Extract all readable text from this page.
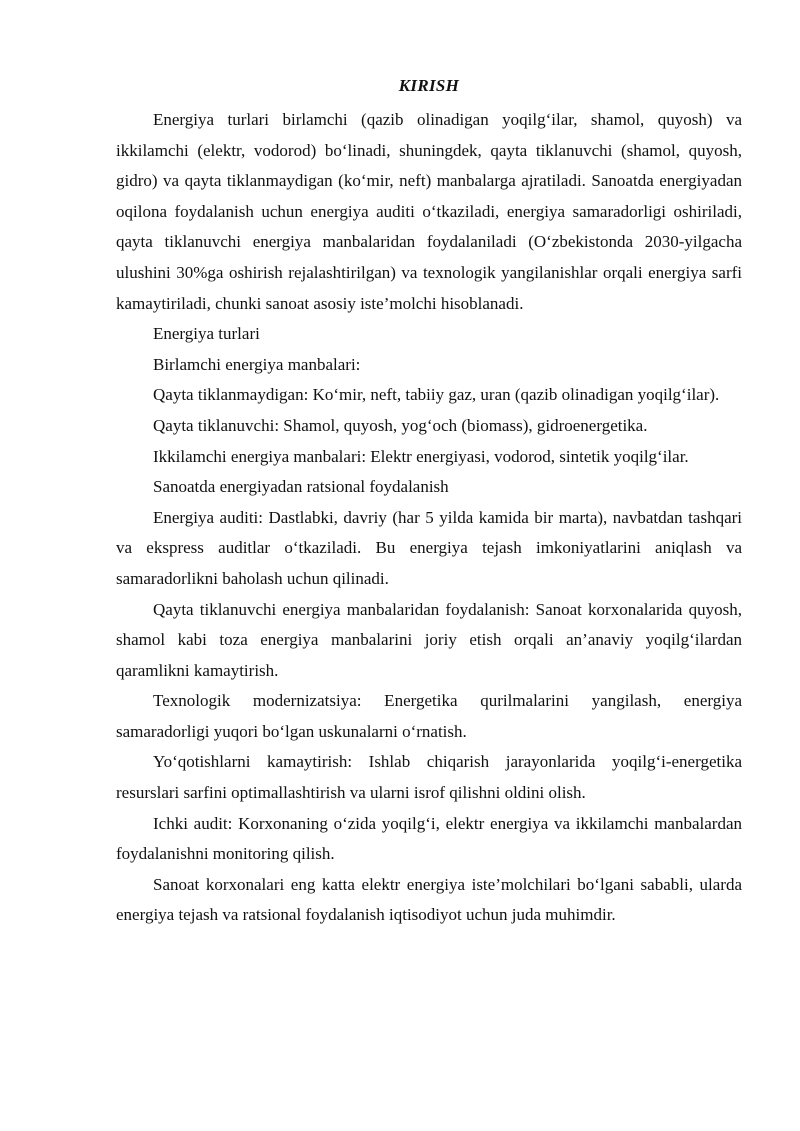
KIRISH

Energiya turlari birlamchi (qazib olinadigan yoqilg‘ilar, shamol, quyosh) va ikkilamchi (elektr, vodorod) bo‘linadi, shuningdek, qayta tiklanuvchi (shamol, quyosh, gidro) va qayta tiklanmaydigan (ko‘mir, neft) manbalarga ajratiladi. Sanoatda energiyadan oqilona foydalanish uchun energiya auditi o‘tkaziladi, energiya samaradorligi oshiriladi, qayta tiklanuvchi energiya manbalaridan foydalaniladi (O‘zbekistonda 2030-yilgacha ulushini 30%ga oshirish rejalashtirilgan) va texnologik yangilanishlar orqali energiya sarfi kamaytiriladi, chunki sanoat asosiy iste’molchi hisoblanadi.

Energiya turlari

Birlamchi energiya manbalari:

Qayta tiklanmaydigan: Ko‘mir, neft, tabiiy gaz, uran (qazib olinadigan yoqilg‘ilar).

Qayta tiklanuvchi: Shamol, quyosh, yog‘och (biomass), gidroenergetika.

Ikkilamchi energiya manbalari: Elektr energiyasi, vodorod, sintetik yoqilg‘ilar.

Sanoatda energiyadan ratsional foydalanish

Energiya auditi: Dastlabki, davriy (har 5 yilda kamida bir marta), navbatdan tashqari va ekspress auditlar o‘tkaziladi. Bu energiya tejash imkoniyatlarini aniqlash va samaradorlikni baholash uchun qilinadi.

Qayta tiklanuvchi energiya manbalaridan foydalanish: Sanoat korxonalarida quyosh, shamol kabi toza energiya manbalarini joriy etish orqali an’anaviy yoqilg‘ilardan qaramlikni kamaytirish.

Texnologik modernizatsiya: Energetika qurilmalarini yangilash, energiya samaradorligi yuqori bo‘lgan uskunalarni o‘rnatish.

Yo‘qotishlarni kamaytirish: Ishlab chiqarish jarayonlarida yoqilg‘i-energetika resurslari sarfini optimallashtirish va ularni isrof qilishni oldini olish.

Ichki audit: Korxonaning o‘zida yoqilg‘i, elektr energiya va ikkilamchi manbalardan foydalanishni monitoring qilish.

Sanoat korxonalari eng katta elektr energiya iste’molchilari bo‘lgani sababli, ularda energiya tejash va ratsional foydalanish iqtisodiyot uchun juda muhimdir.
